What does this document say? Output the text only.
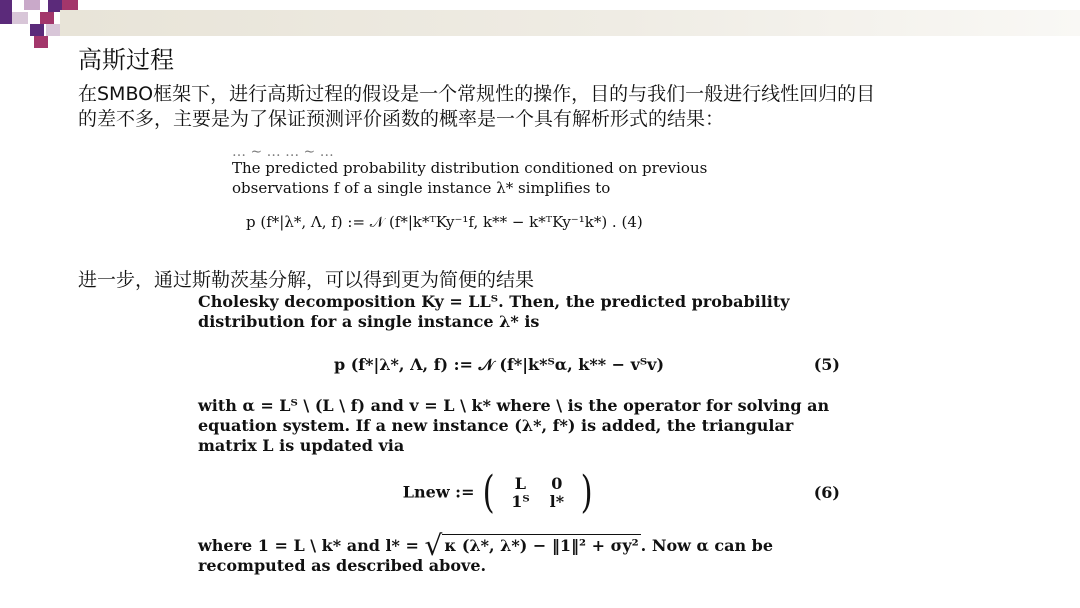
高斯过程

在SMBO框架下，进行高斯过程的假设是一个常规性的操作，目的与我们一般进行线性回归的目的差不多，主要是为了保证预测评价函数的概率是一个具有解析形式的结果：

… ∼ … … ∼ …
The predicted probability distribution conditioned on previous observations f of a single instance λ* simplifies to
p (f*|λ*, Λ, f) := 𝒩 (f*|k*ᵀKy⁻¹f, k** − k*ᵀKy⁻¹k*) . (4)

进一步，通过斯勒茨基分解，可以得到更为简便的结果

Cholesky decomposition Ky = LLᵀ. Then, the predicted probability distribution for a single instance λ* is

p (f*|λ*, Λ, f) := 𝒩 (f*|k*ᵀα, k** − vᵀv)	(5)

with α = Lᵀ \ (L \ f) and v = L \ k* where \ is the operator for solving an equation system. If a new instance (λ*, f*) is added, the triangular matrix L is updated via

Lnew := ( L	0
1ᵀ	l* )	(6)

where 1 = L \ k* and l* = √ κ (λ*, λ*) − ‖1‖² + σy² . Now α can be recomputed as described above.
